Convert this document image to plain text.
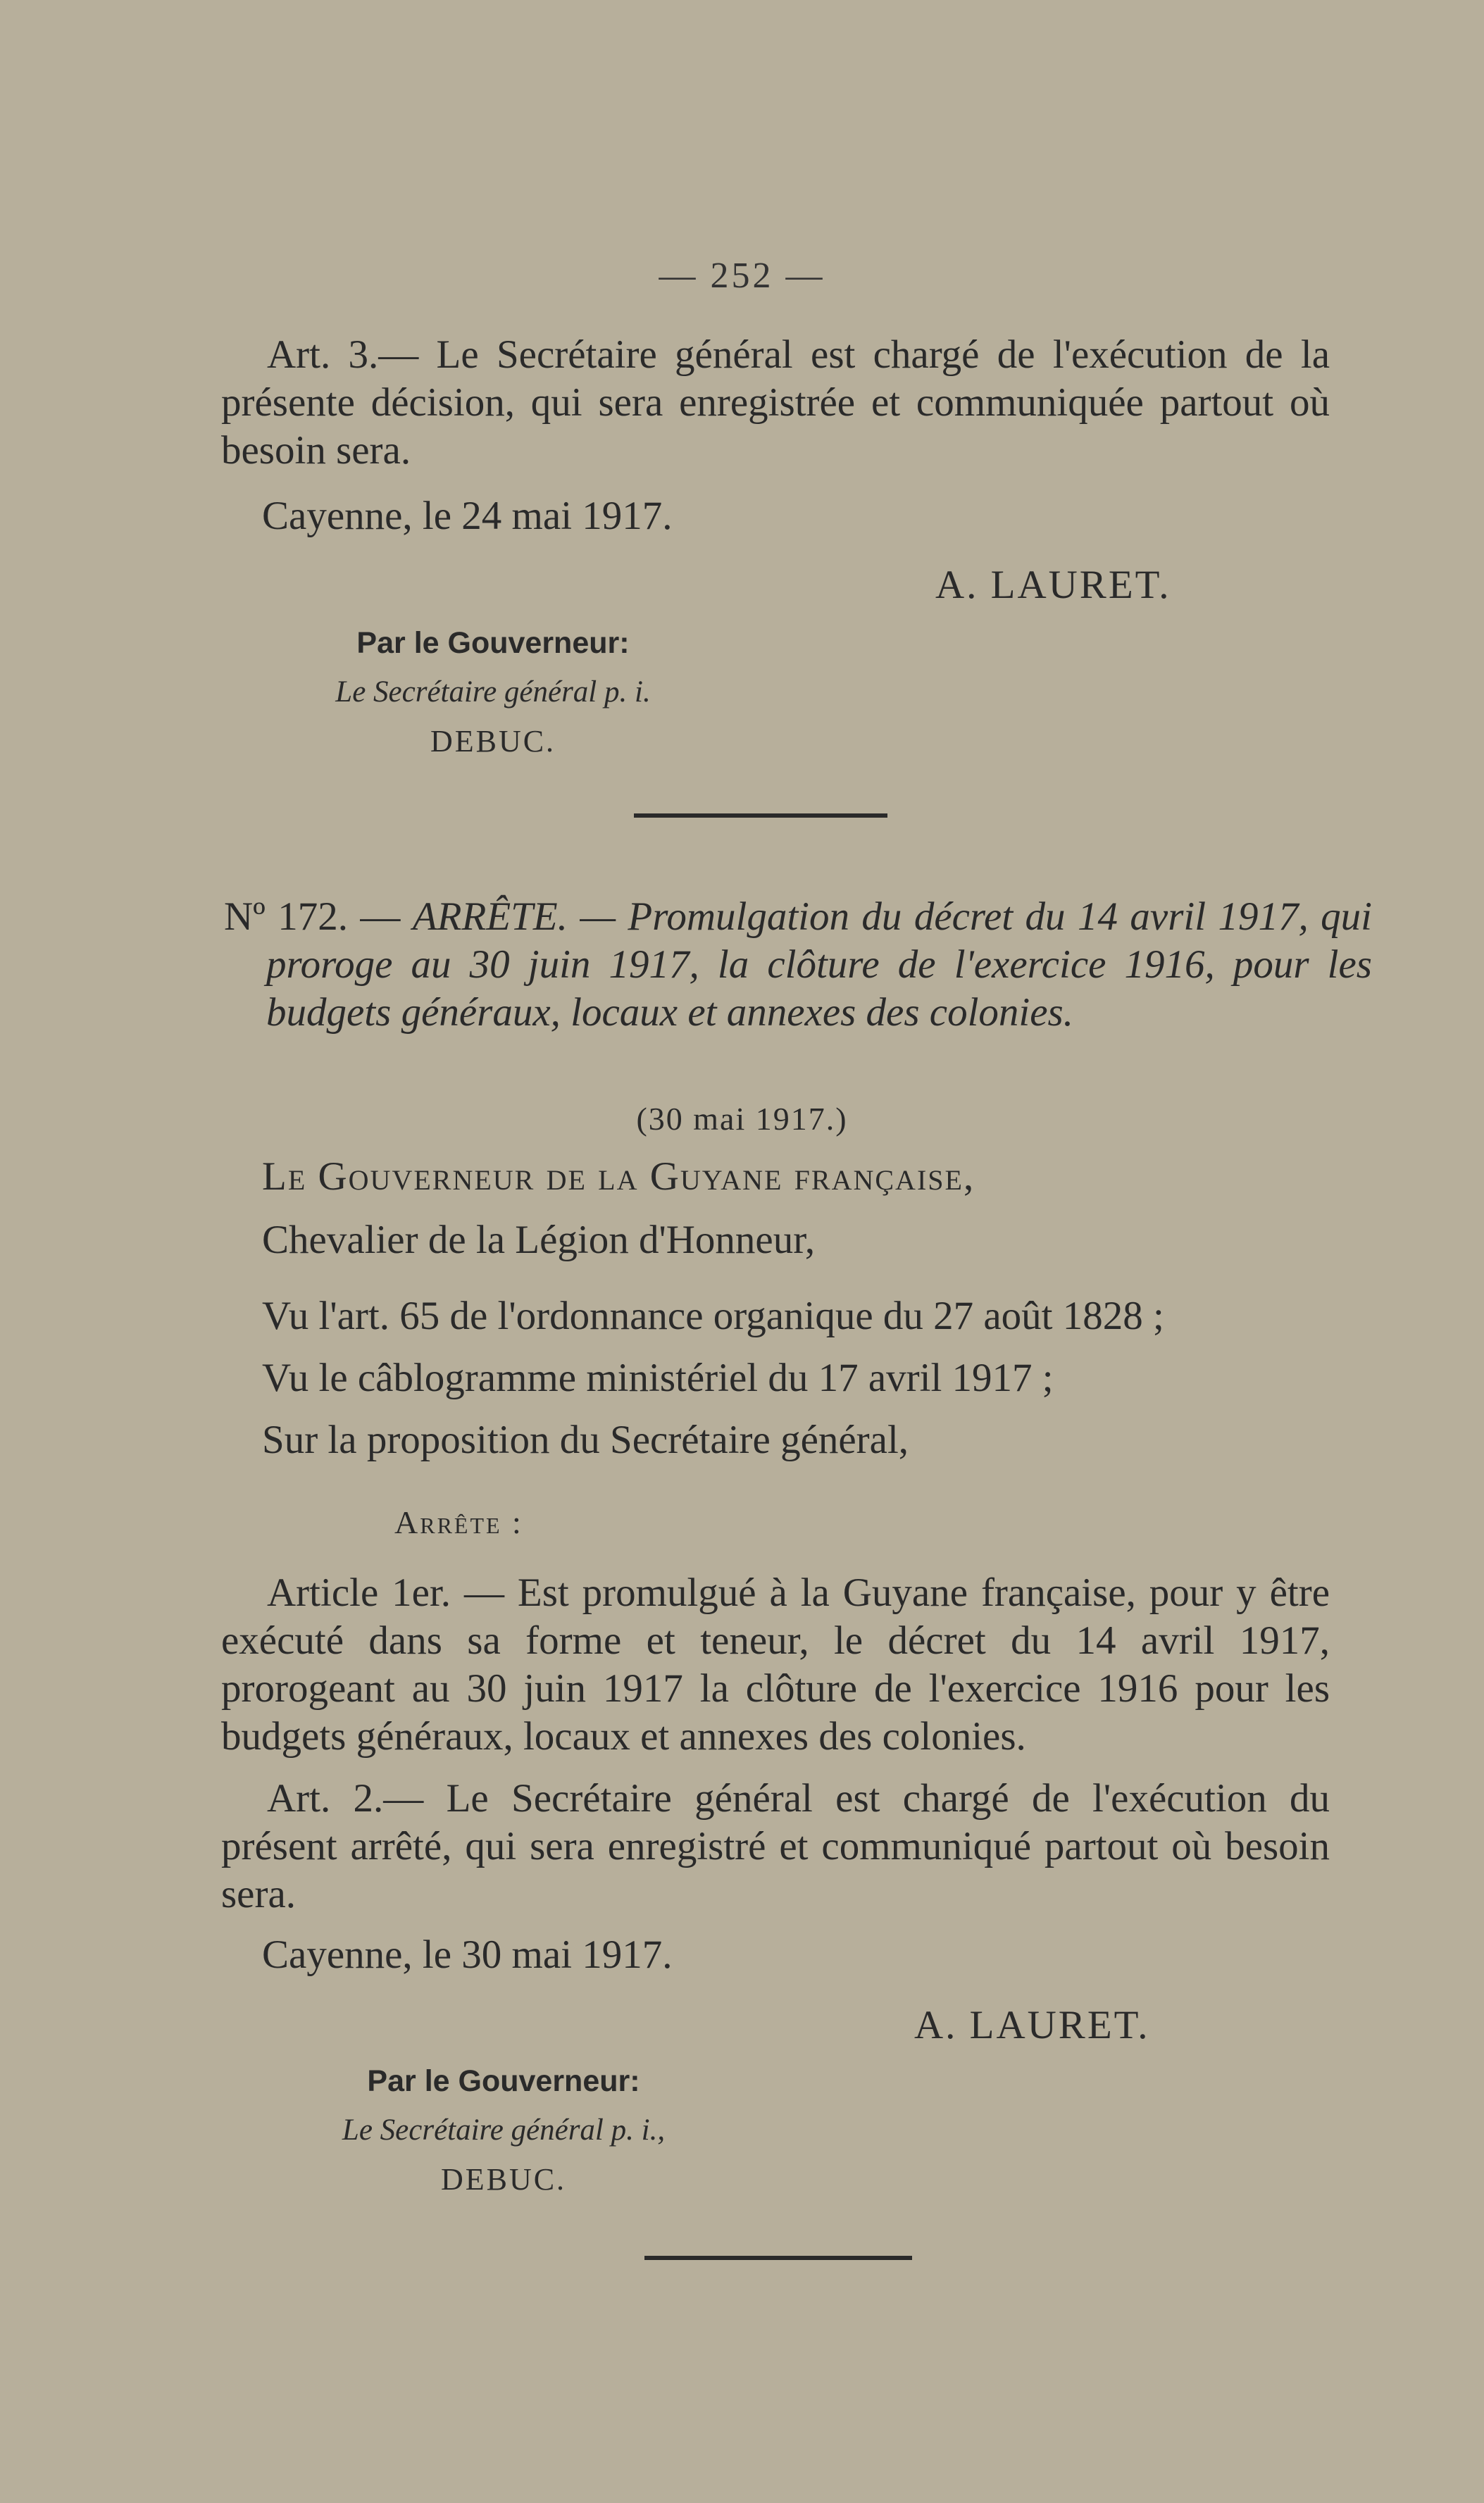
— 252 —
Art. 3.— Le Secrétaire général est chargé de l'exécution de la présente décision, qui sera enregistrée et communiquée partout où besoin sera.
Cayenne, le 24 mai 1917.
A. LAURET.
Par le Gouverneur:
Le Secrétaire général p. i.
DEBUC.
Nº 172. — ARRÊTE. — Promulgation du décret du 14 avril 1917, qui proroge au 30 juin 1917, la clôture de l'exercice 1916, pour les budgets généraux, locaux et annexes des colonies.
(30 mai 1917.)
Le Gouverneur de la Guyane française,
Chevalier de la Légion d'Honneur,
Vu l'art. 65 de l'ordonnance organique du 27 août 1828 ;
Vu le câblogramme ministériel du 17 avril 1917 ;
Sur la proposition du Secrétaire général,
Arrête :
Article 1er. — Est promulgué à la Guyane française, pour y être exécuté dans sa forme et teneur, le décret du 14 avril 1917, prorogeant au 30 juin 1917 la clôture de l'exercice 1916 pour les budgets généraux, locaux et annexes des colonies.
Art. 2.— Le Secrétaire général est chargé de l'exécution du présent arrêté, qui sera enregistré et communiqué partout où besoin sera.
Cayenne, le 30 mai 1917.
A. LAURET.
Par le Gouverneur:
Le Secrétaire général p. i.,
DEBUC.
